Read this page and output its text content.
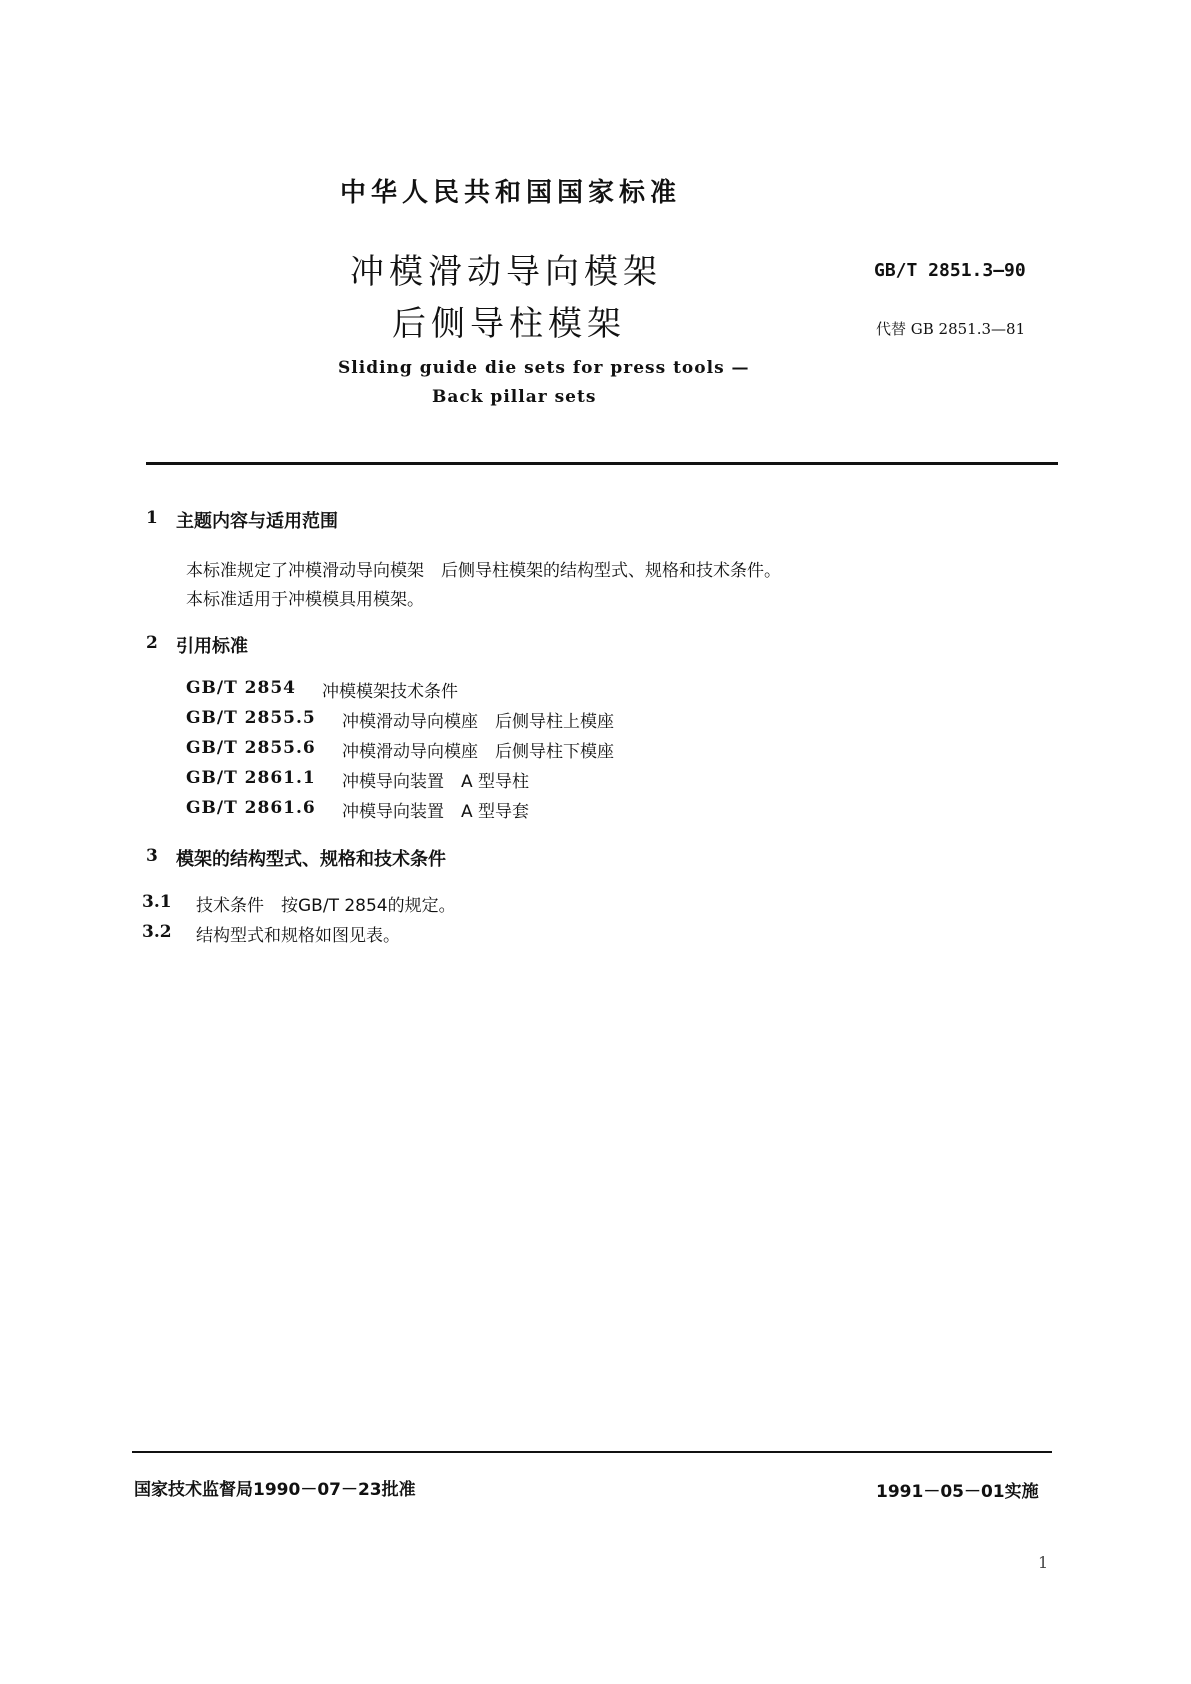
中华人民共和国国家标准
冲模滑动导向模架
后侧导柱模架
GB/T 2851.3—90
代替 GB 2851.3—81
Sliding guide die sets for press tools —
Back pillar sets
1 主题内容与适用范围
本标准规定了冲模滑动导向模架　后侧导柱模架的结构型式、规格和技术条件。
本标准适用于冲模模具用模架。
2 引用标准
GB/T 2854 冲模模架技术条件
GB/T 2855.5 冲模滑动导向模座　后侧导柱上模座
GB/T 2855.6 冲模滑动导向模座　后侧导柱下模座
GB/T 2861.1 冲模导向装置　A 型导柱
GB/T 2861.6 冲模导向装置　A 型导套
3 模架的结构型式、规格和技术条件
3.1 技术条件　按GB/T 2854的规定。
3.2 结构型式和规格如图见表。
国家技术监督局1990－07－23批准	1991－05－01实施
1
